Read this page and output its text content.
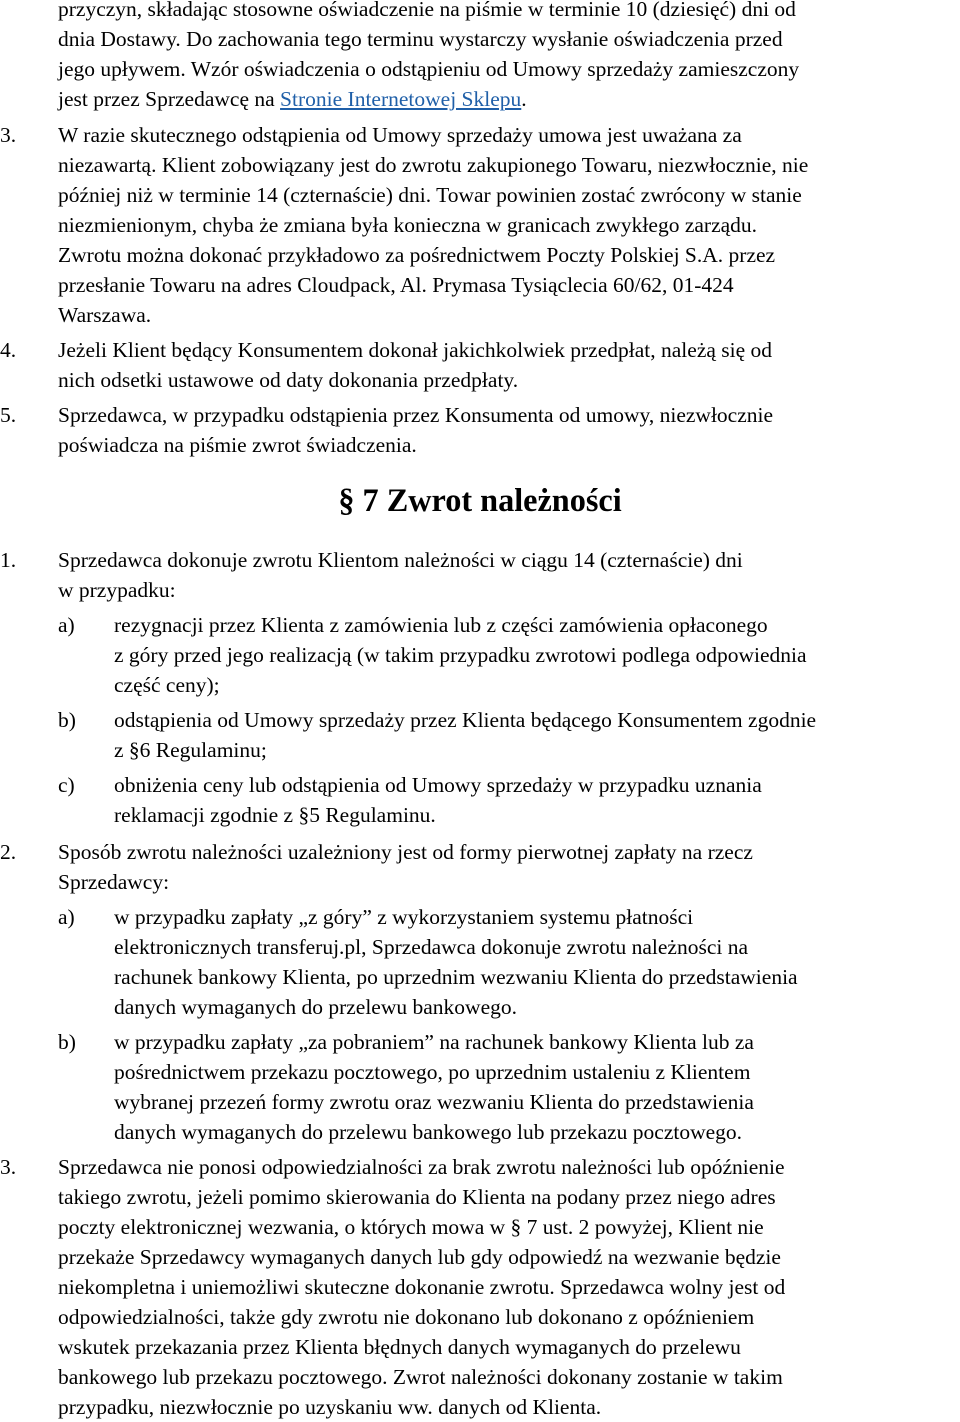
przyczyn, składając stosowne oświadczenie na piśmie w terminie 10 (dziesięć) dni od

dnia Dostawy. Do zachowania tego terminu wystarczy wysłanie oświadczenia przed

jego upływem. Wzór oświadczenia o odstąpieniu od Umowy sprzedaży zamieszczony

jest przez Sprzedawcę na Stronie Internetowej Sklepu.

3.	W razie skutecznego odstąpienia od Umowy sprzedaży umowa jest uważana za

niezawartą. Klient zobowiązany jest do zwrotu zakupionego Towaru, niezwłocznie, nie

później niż w terminie 14 (czternaście) dni. Towar powinien zostać zwrócony w stanie

niezmienionym, chyba że zmiana była konieczna w granicach zwykłego zarządu.

Zwrotu można dokonać przykładowo za pośrednictwem Poczty Polskiej S.A. przez

przesłanie Towaru na adres Cloudpack, Al. Prymasa Tysiąclecia 60/62, 01-424

Warszawa.

4.	Jeżeli Klient będący Konsumentem dokonał jakichkolwiek przedpłat, należą się od

nich odsetki ustawowe od daty dokonania przedpłaty.

5.	Sprzedawca, w przypadku odstąpienia przez Konsumenta od umowy, niezwłocznie

poświadcza na piśmie zwrot świadczenia.

§ 7 Zwrot należności

1.	Sprzedawca dokonuje zwrotu Klientom należności w ciągu 14 (czternaście) dni

w przypadku:

a)	rezygnacji przez Klienta z zamówienia lub z części zamówienia opłaconego

z góry przed jego realizacją (w takim przypadku zwrotowi podlega odpowiednia

część ceny);

b)	odstąpienia od Umowy sprzedaży przez Klienta będącego Konsumentem zgodnie

z §6 Regulaminu;

c)	obniżenia ceny lub odstąpienia od Umowy sprzedaży w przypadku uznania

reklamacji zgodnie z §5 Regulaminu.

2.	Sposób zwrotu należności uzależniony jest od formy pierwotnej zapłaty na rzecz

Sprzedawcy:

a)	w przypadku zapłaty „z góry” z wykorzystaniem systemu płatności

elektronicznych transferuj.pl, Sprzedawca dokonuje zwrotu należności na

rachunek bankowy Klienta, po uprzednim wezwaniu Klienta do przedstawienia

danych wymaganych do przelewu bankowego.

b)	w przypadku zapłaty „za pobraniem” na rachunek bankowy Klienta lub za

pośrednictwem przekazu pocztowego, po uprzednim ustaleniu z Klientem

wybranej przezeń formy zwrotu oraz wezwaniu Klienta do przedstawienia

danych wymaganych do przelewu bankowego lub przekazu pocztowego.

3.	Sprzedawca nie ponosi odpowiedzialności za brak zwrotu należności lub opóźnienie

takiego zwrotu, jeżeli pomimo skierowania do Klienta na podany przez niego adres

poczty elektronicznej wezwania, o których mowa w § 7 ust. 2 powyżej, Klient nie

przekaże Sprzedawcy wymaganych danych lub gdy odpowiedź na wezwanie będzie

niekompletna i uniemożliwi skuteczne dokonanie zwrotu. Sprzedawca wolny jest od

odpowiedzialności, także gdy zwrotu nie dokonano lub dokonano z opóźnieniem

wskutek przekazania przez Klienta błędnych danych wymaganych do przelewu

bankowego lub przekazu pocztowego. Zwrot należności dokonany zostanie w takim

przypadku, niezwłocznie po uzyskaniu ww. danych od Klienta.
